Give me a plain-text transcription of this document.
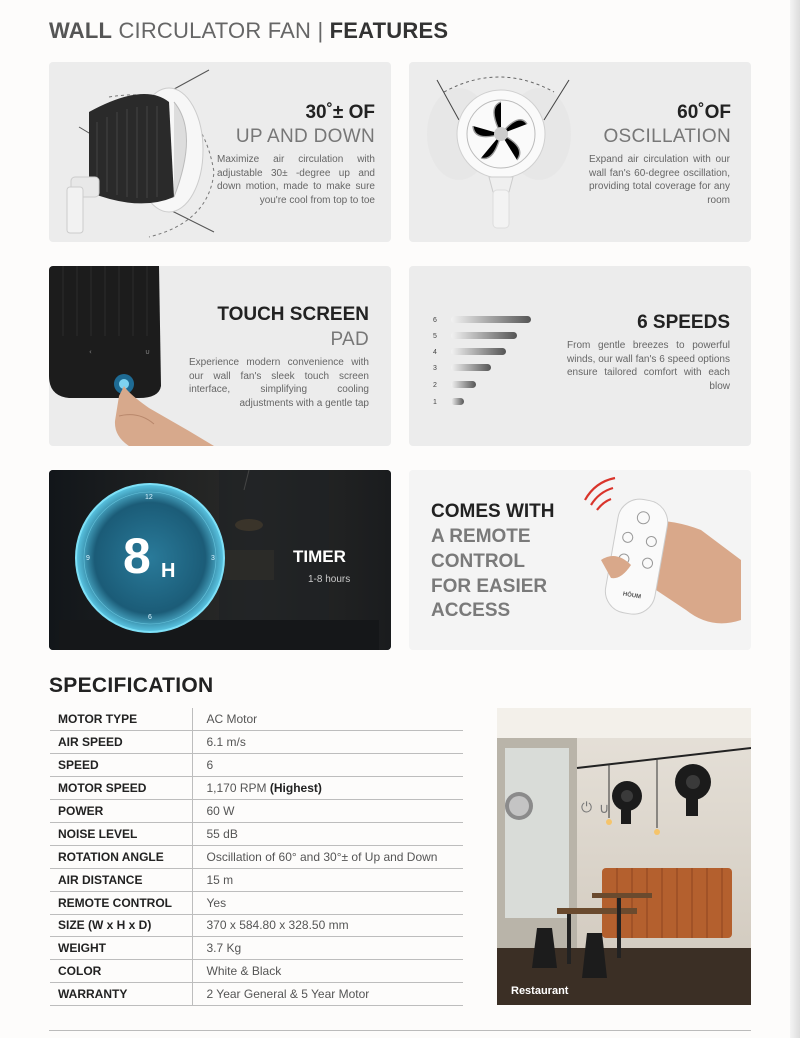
WALL CIRCULATOR FAN | FEATURES
30˚± OF
UP AND DOWN
Maximize air circulation with adjustable 30± -degree up and down motion, made to make sure you're cool from top to toe
60˚OF
OSCILLATION
Expand air circulation with our wall fan's 60-degree oscillation, providing total coverage for any room
‹	∪
TOUCH SCREEN
PAD
Experience modern convenience with our wall fan's sleek touch screen interface, simplifying cooling adjustments with a gentle tap
6
5
4
3
2
1
6 SPEEDS
From gentle breezes to powerful winds, our wall fan's 6 speed options ensure tailored comfort with each blow
12
9	3
6
8 H
TIMER
1-8 hours
COMES WITH
A REMOTE
CONTROL
FOR EASIER
ACCESS
HÖUM
SPECIFICATION
MOTOR TYPE	AC Motor
AIR SPEED	6.1 m/s
SPEED	6
MOTOR SPEED	1,170 RPM (Highest)
POWER	60 W
NOISE LEVEL	55 dB
ROTATION ANGLE	Oscillation of 60° and 30°± of Up and Down
AIR DISTANCE	15 m
REMOTE CONTROL	Yes
SIZE (W x H x D)	370 x 584.80 x 328.50 mm
WEIGHT	3.7 Kg
COLOR	White & Black
WARRANTY	2 Year General & 5 Year Motor
∪
⏻
Restaurant
